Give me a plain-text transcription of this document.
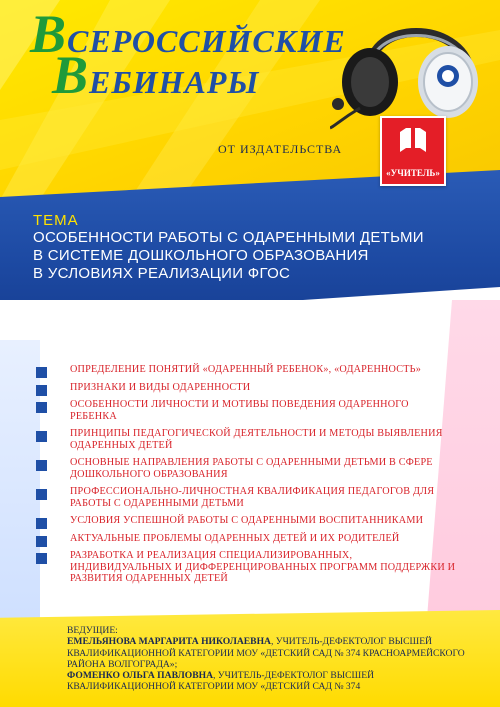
ВСЕРОССИЙСКИЕ
ВЕБИНАРЫ
ОТ ИЗДАТЕЛЬСТВА
«УЧИТЕЛЬ»
ТЕМА
ОСОБЕННОСТИ РАБОТЫ С ОДАРЕННЫМИ ДЕТЬМИ
В СИСТЕМЕ ДОШКОЛЬНОГО ОБРАЗОВАНИЯ
В УСЛОВИЯХ РЕАЛИЗАЦИИ ФГОС
ОПРЕДЕЛЕНИЕ ПОНЯТИЙ «ОДАРЕННЫЙ РЕБЕНОК», «ОДАРЕННОСТЬ»
ПРИЗНАКИ И ВИДЫ ОДАРЕННОСТИ
ОСОБЕННОСТИ ЛИЧНОСТИ И МОТИВЫ ПОВЕДЕНИЯ ОДАРЕННОГО РЕБЕНКА
ПРИНЦИПЫ ПЕДАГОГИЧЕСКОЙ ДЕЯТЕЛЬНОСТИ И МЕТОДЫ ВЫЯВЛЕНИЯ ОДАРЕННЫХ ДЕТЕЙ
ОСНОВНЫЕ НАПРАВЛЕНИЯ РАБОТЫ С ОДАРЕННЫМИ ДЕТЬМИ В СФЕРЕ ДОШКОЛЬНОГО ОБРАЗОВАНИЯ
ПРОФЕССИОНАЛЬНО-ЛИЧНОСТНАЯ КВАЛИФИКАЦИЯ ПЕДАГОГОВ ДЛЯ РАБОТЫ С ОДАРЕННЫМИ ДЕТЬМИ
УСЛОВИЯ УСПЕШНОЙ РАБОТЫ С ОДАРЕННЫМИ ВОСПИТАННИКАМИ
АКТУАЛЬНЫЕ ПРОБЛЕМЫ ОДАРЕННЫХ ДЕТЕЙ И ИХ РОДИТЕЛЕЙ
РАЗРАБОТКА И РЕАЛИЗАЦИЯ СПЕЦИАЛИЗИРОВАННЫХ, ИНДИВИДУАЛЬНЫХ И ДИФФЕРЕНЦИРОВАННЫХ ПРОГРАММ ПОДДЕРЖКИ И РАЗВИТИЯ ОДАРЕННЫХ ДЕТЕЙ
ВЕДУЩИЕ:
ЕМЕЛЬЯНОВА МАРГАРИТА НИКОЛАЕВНА, УЧИТЕЛЬ-ДЕФЕКТОЛОГ ВЫСШЕЙ КВАЛИФИКАЦИОННОЙ КАТЕГОРИИ МОУ «ДЕТСКИЙ САД № 374 КРАСНОАРМЕЙСКОГО РАЙОНА ВОЛГОГРАДА»;
ФОМЕНКО ОЛЬГА ПАВЛОВНА, УЧИТЕЛЬ-ДЕФЕКТОЛОГ ВЫСШЕЙ КВАЛИФИКАЦИОННОЙ КАТЕГОРИИ МОУ «ДЕТСКИЙ САД № 374
